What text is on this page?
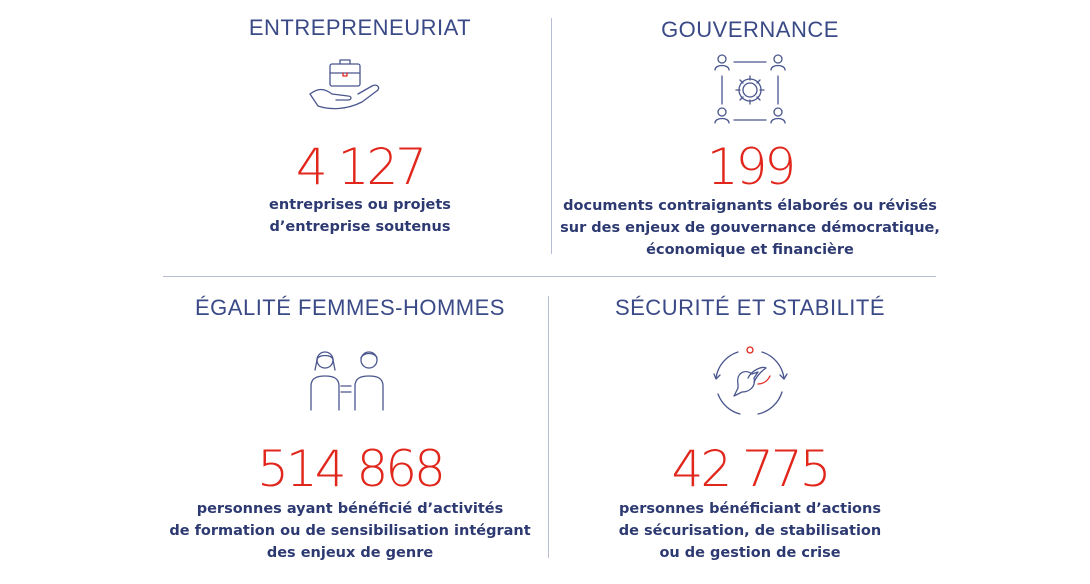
ENTREPRENEURIAT
4 127
entreprises ou projets
d’entreprise soutenus
GOUVERNANCE
199
documents contraignants élaborés ou révisés
sur des enjeux de gouvernance démocratique,
économique et financière
ÉGALITÉ FEMMES-HOMMES
514 868
personnes ayant bénéficié d’activités
de formation ou de sensibilisation intégrant
des enjeux de genre
SÉCURITÉ ET STABILITÉ
42 775
personnes bénéficiant d’actions
de sécurisation, de stabilisation
ou de gestion de crise
